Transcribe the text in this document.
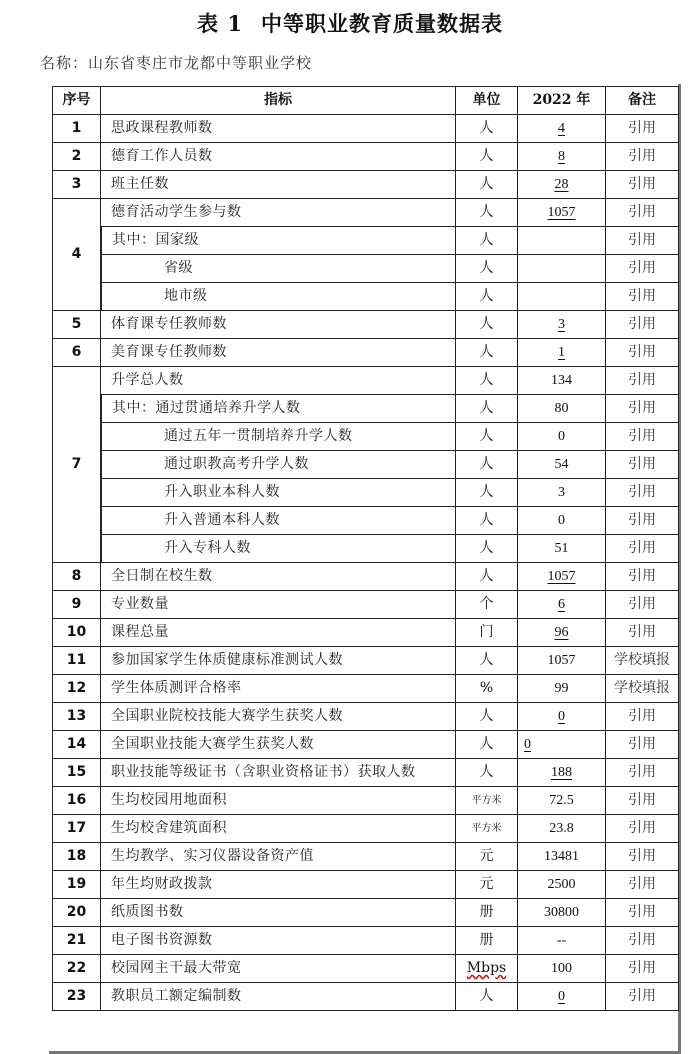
表 1 中等职业教育质量数据表
名称：山东省枣庄市龙都中等职业学校
序号	指标	单位	2022 年	备注
1	思政课程教师数	人	4	引用
2	德育工作人员数	人	8	引用
3	班主任数	人	28	引用
4	德育活动学生参与数	人	1057	引用
	其中：国家级	人		引用
	省级	人		引用
	地市级	人		引用
5	体育课专任教师数	人	3	引用
6	美育课专任教师数	人	1	引用
7	升学总人数	人	134	引用
	其中：通过贯通培养升学人数	人	80	引用
	通过五年一贯制培养升学人数	人	0	引用
	通过职教高考升学人数	人	54	引用
	升入职业本科人数	人	3	引用
	升入普通本科人数	人	0	引用
	升入专科人数	人	51	引用
8	全日制在校生数	人	1057	引用
9	专业数量	个	6	引用
10	课程总量	门	96	引用
11	参加国家学生体质健康标准测试人数	人	1057	学校填报
12	学生体质测评合格率	%	99	学校填报
13	全国职业院校技能大赛学生获奖人数	人	0	引用
14	全国职业技能大赛学生获奖人数	人	0	引用
15	职业技能等级证书（含职业资格证书）获取人数	人	188	引用
16	生均校园用地面积	平方米	72.5	引用
17	生均校舍建筑面积	平方米	23.8	引用
18	生均教学、实习仪器设备资产值	元	13481	引用
19	年生均财政拨款	元	2500	引用
20	纸质图书数	册	30800	引用
21	电子图书资源数	册	--	引用
22	校园网主干最大带宽	Mbps	100	引用
23	教职员工额定编制数	人	0	引用
